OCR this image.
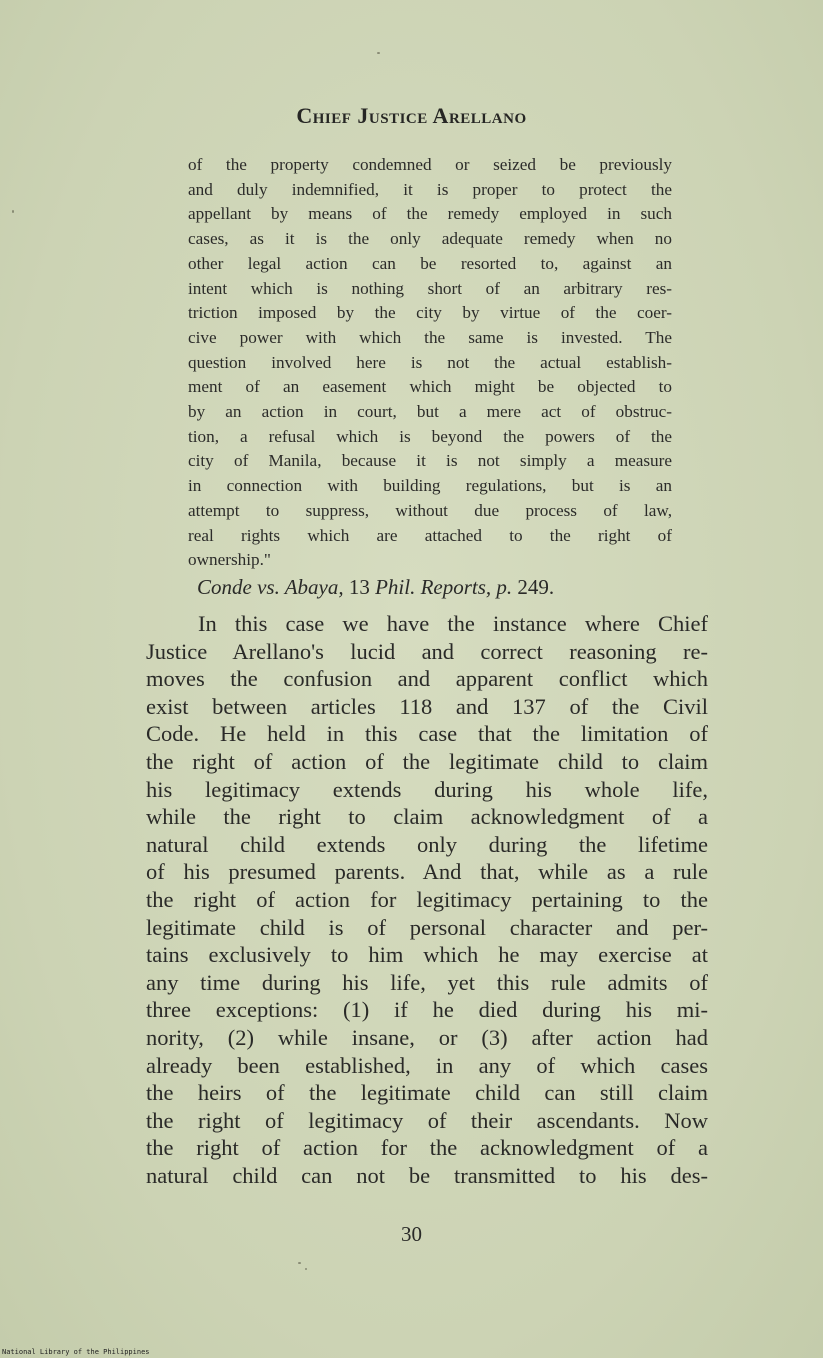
Chief Justice Arellano
of the property condemned or seized be previously
and duly indemnified, it is proper to protect the
appellant by means of the remedy employed in such
cases, as it is the only adequate remedy when no
other legal action can be resorted to, against an
intent which is nothing short of an arbitrary res-
triction imposed by the city by virtue of the coer-
cive power with which the same is invested. The
question involved here is not the actual establish-
ment of an easement which might be objected to
by an action in court, but a mere act of obstruc-
tion, a refusal which is beyond the powers of the
city of Manila, because it is not simply a measure
in connection with building regulations, but is an
attempt to suppress, without due process of law,
real rights which are attached to the right of
ownership."
Conde vs. Abaya, 13 Phil. Reports, p. 249.
In this case we have the instance where Chief
Justice Arellano's lucid and correct reasoning re-
moves the confusion and apparent conflict which
exist between articles 118 and 137 of the Civil
Code. He held in this case that the limitation of
the right of action of the legitimate child to claim
his legitimacy extends during his whole life,
while the right to claim acknowledgment of a
natural child extends only during the lifetime
of his presumed parents. And that, while as a rule
the right of action for legitimacy pertaining to the
legitimate child is of personal character and per-
tains exclusively to him which he may exercise at
any time during his life, yet this rule admits of
three exceptions: (1) if he died during his mi-
nority, (2) while insane, or (3) after action had
already been established, in any of which cases
the heirs of the legitimate child can still claim
the right of legitimacy of their ascendants. Now
the right of action for the acknowledgment of a
natural child can not be transmitted to his des-
30
National Library of the Philippines
